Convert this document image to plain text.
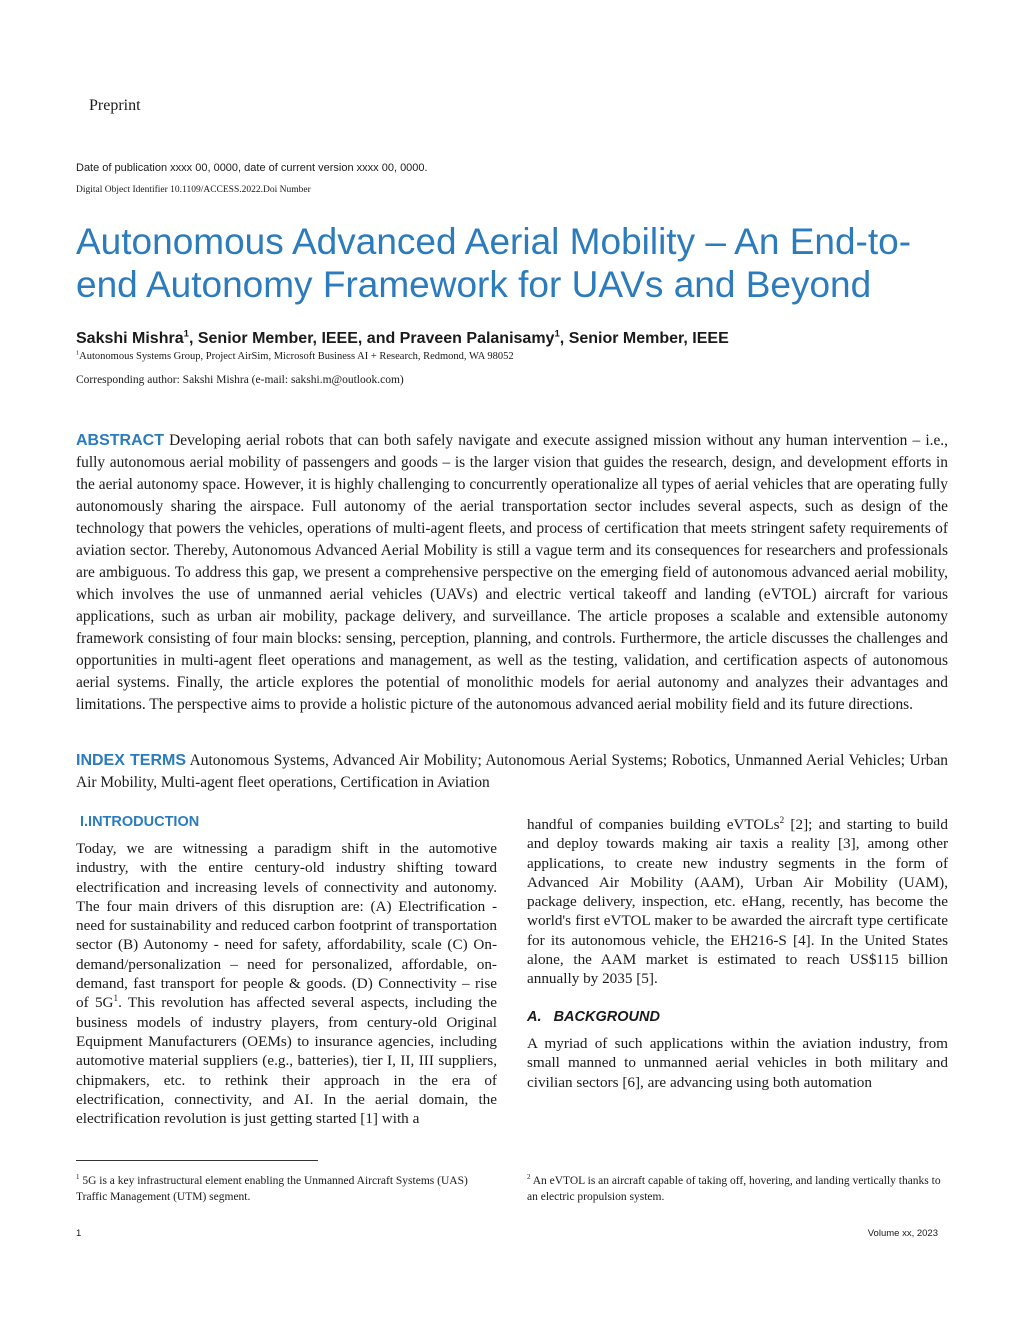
Preprint
Date of publication xxxx 00, 0000, date of current version xxxx 00, 0000.
Digital Object Identifier 10.1109/ACCESS.2022.Doi Number
Autonomous Advanced Aerial Mobility – An End-to-end Autonomy Framework for UAVs and Beyond
Sakshi Mishra$^1$, Senior Member, IEEE, and Praveen Palanisamy$^1$, Senior Member, IEEE
$^1$Autonomous Systems Group, Project AirSim, Microsoft Business AI + Research, Redmond, WA 98052
Corresponding author: Sakshi Mishra (e-mail: sakshi.m@outlook.com)

ABSTRACT Developing aerial robots that can both safely navigate and execute assigned mission without any human intervention – i.e., fully autonomous aerial mobility of passengers and goods – is the larger vision that guides the research, design, and development efforts in the aerial autonomy space. However, it is highly challenging to concurrently operationalize all types of aerial vehicles that are operating fully autonomously sharing the airspace. Full autonomy of the aerial transportation sector includes several aspects, such as design of the technology that powers the vehicles, operations of multi-agent fleets, and process of certification that meets stringent safety requirements of aviation sector. Thereby, Autonomous Advanced Aerial Mobility is still a vague term and its consequences for researchers and professionals are ambiguous. To address this gap, we present a comprehensive perspective on the emerging field of autonomous advanced aerial mobility, which involves the use of unmanned aerial vehicles (UAVs) and electric vertical takeoff and landing (eVTOL) aircraft for various applications, such as urban air mobility, package delivery, and surveillance. The article proposes a scalable and extensible autonomy framework consisting of four main blocks: sensing, perception, planning, and controls. Furthermore, the article discusses the challenges and opportunities in multi-agent fleet operations and management, as well as the testing, validation, and certification aspects of autonomous aerial systems. Finally, the article explores the potential of monolithic models for aerial autonomy and analyzes their advantages and limitations. The perspective aims to provide a holistic picture of the autonomous advanced aerial mobility field and its future directions.

INDEX TERMS Autonomous Systems, Advanced Air Mobility; Autonomous Aerial Systems; Robotics, Unmanned Aerial Vehicles; Urban Air Mobility, Multi-agent fleet operations, Certification in Aviation

I.INTRODUCTION

Today, we are witnessing a paradigm shift in the automotive industry, with the entire century-old industry shifting toward electrification and increasing levels of connectivity and autonomy. The four main drivers of this disruption are: (A) Electrification - need for sustainability and reduced carbon footprint of transportation sector (B) Autonomy - need for safety, affordability, scale (C) On-demand/personalization – need for personalized, affordable, on-demand, fast transport for people & goods. (D) Connectivity – rise of $5G^1$. This revolution has affected several aspects, including the business models of industry players, from century-old Original Equipment Manufacturers (OEMs) to insurance agencies, including automotive material suppliers (e.g., batteries), tier I, II, III suppliers, chipmakers, etc. to rethink their approach in the era of electrification, connectivity, and AI. In the aerial domain, the electrification revolution is just getting started [1] with a

handful of companies building eVTOLs$^2$ [2]; and starting to build and deploy towards making air taxis a reality [3], among other applications, to create new industry segments in the form of Advanced Air Mobility (AAM), Urban Air Mobility (UAM), package delivery, inspection, etc. eHang, recently, has become the world's first eVTOL maker to be awarded the aircraft type certificate for its autonomous vehicle, the EH216-S [4]. In the United States alone, the AAM market is estimated to reach US$115 billion annually by 2035 [5].

A.   BACKGROUND

A myriad of such applications within the aviation industry, from small manned to unmanned aerial vehicles in both military and civilian sectors [6], are advancing using both automation

$^1$ 5G is a key infrastructural element enabling the Unmanned Aircraft Systems (UAS) Traffic Management (UTM) segment.

$^2$ An eVTOL is an aircraft capable of taking off, hovering, and landing vertically thanks to an electric propulsion system.

1	Volume xx, 2023
